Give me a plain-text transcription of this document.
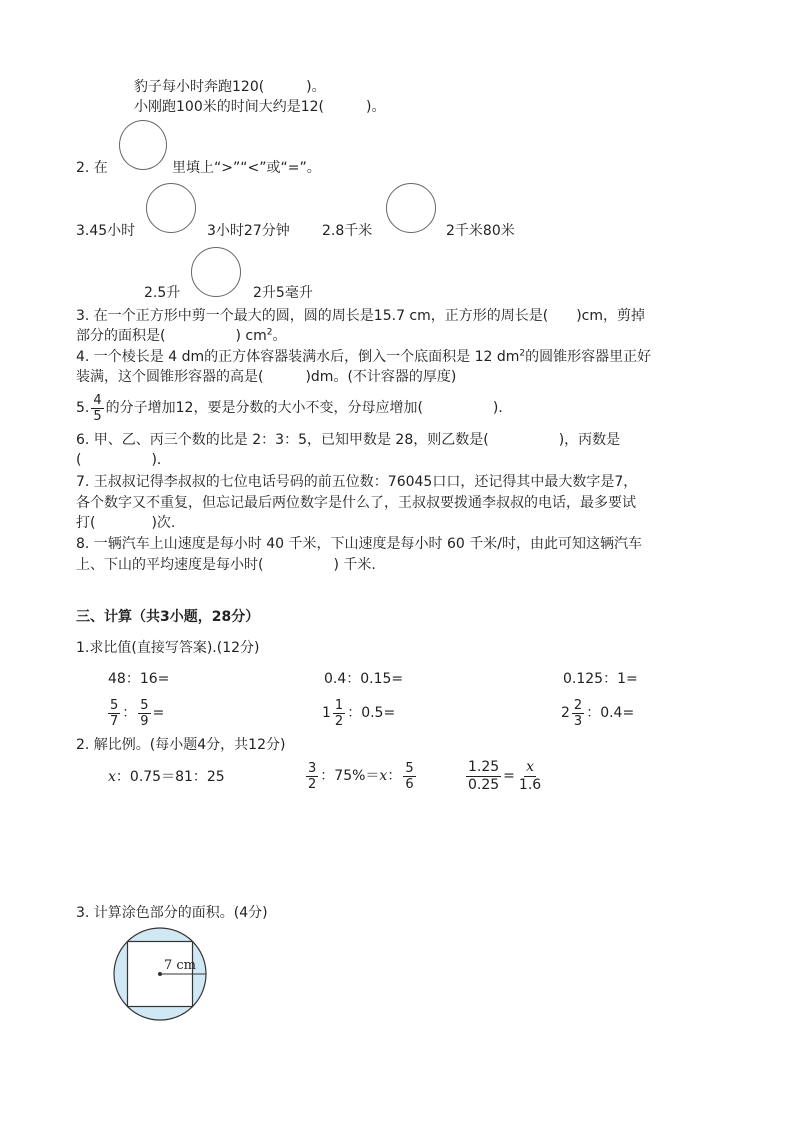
豹子每小时奔跑120(　　　)。
小刚跑100米的时间大约是12(　　　)。
2. 在	里填上“>”“<”或“=”。
3.45小时	3小时27分钟 2.8千米	2千米80米
2.5升	2升5毫升
3. 在一个正方形中剪一个最大的圆，圆的周长是15.7 cm，正方形的周长是(　　)cm，剪掉
部分的面积是(　　　　　) $cm^2$。
4. 一个棱长是 4 dm的正方体容器装满水后，倒入一个底面积是 12 $dm^2$的圆锥形容器里正好
装满，这个圆锥形容器的高是(　　　)dm。(不计容器的厚度)
5. $\frac{4}{5}$ 的分子增加12，要是分数的大小不变，分母应增加(　　　　　)．
6. 甲、乙、丙三个数的比是 2：3：5，已知甲数是 28，则乙数是(　　　　　)，丙数是
(　　　　　)．
7. 王叔叔记得李叔叔的七位电话号码的前五位数：76045口口，还记得其中最大数字是7，
各个数字又不重复，但忘记最后两位数字是什么了，王叔叔要拨通李叔叔的电话，最多要试
打(　　　　)次.
8. 一辆汽车上山速度是每小时 40 千米，下山速度是每小时 60 千米/时，由此可知这辆汽车
上、下山的平均速度是每小时(　　　　　) 千米.
三、计算（共3小题，28分）
1.求比值(直接写答案).(12分)
48：16=	0.4：0.15=	0.125：1=
$\frac{5}{7}$ ： $\frac{5}{9}$ =	$1 \frac{1}{2}$ ：0.5=	$2 \frac{2}{3}$ ：0.4=
2. 解比例。(每小题4分，共12分)
x：0.75＝81：25	$\frac{3}{2}$ ：75%＝x： $\frac{5}{6}$	$\frac{1.25}{0.25} = \frac{x}{1.6}$
3. 计算涂色部分的面积。(4分)
7 cm
